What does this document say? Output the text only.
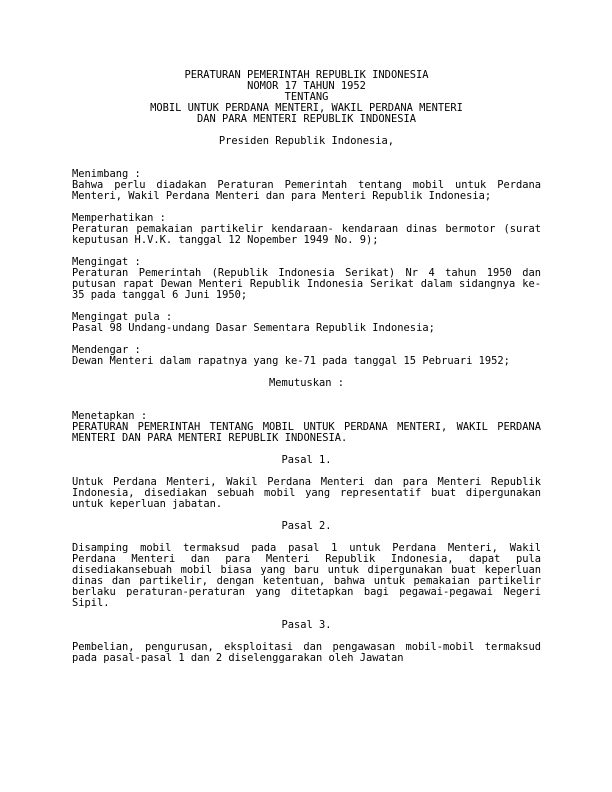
PERATURAN PEMERINTAH REPUBLIK INDONESIA
NOMOR 17 TAHUN 1952
TENTANG
MOBIL UNTUK PERDANA MENTERI, WAKIL PERDANA MENTERI
DAN PARA MENTERI REPUBLIK INDONESIA
Presiden Republik Indonesia,
Menimbang :
Bahwa perlu diadakan Peraturan Pemerintah tentang mobil untuk Perdana Menteri, Wakil Perdana Menteri dan para Menteri Republik Indonesia;
Memperhatikan :
Peraturan pemakaian partikelir kendaraan- kendaraan dinas bermotor (surat keputusan H.V.K. tanggal 12 Nopember 1949 No. 9);
Mengingat :
Peraturan Pemerintah (Republik Indonesia Serikat) Nr 4 tahun 1950 dan putusan rapat Dewan Menteri Republik Indonesia Serikat dalam sidangnya ke-35 pada tanggal 6 Juni 1950;
Mengingat pula :
Pasal 98 Undang-undang Dasar Sementara Republik Indonesia;
Mendengar :
Dewan Menteri dalam rapatnya yang ke-71 pada tanggal 15 Pebruari 1952;
Memutuskan :
Menetapkan :
PERATURAN PEMERINTAH TENTANG MOBIL UNTUK PERDANA MENTERI, WAKIL PERDANA MENTERI DAN PARA MENTERI REPUBLIK INDONESIA.
Pasal 1.
Untuk Perdana Menteri, Wakil Perdana Menteri dan para Menteri Republik Indonesia, disediakan sebuah mobil yang representatif buat dipergunakan untuk keperluan jabatan.
Pasal 2.
Disamping mobil termaksud pada pasal 1 untuk Perdana Menteri, Wakil Perdana Menteri dan para Menteri Republik Indonesia, dapat pula disediakansebuah mobil biasa yang baru untuk dipergunakan buat keperluan dinas dan partikelir, dengan ketentuan, bahwa untuk pemakaian partikelir berlaku peraturan-peraturan yang ditetapkan bagi pegawai-pegawai Negeri Sipil.
Pasal 3.
Pembelian, pengurusan, eksploitasi dan pengawasan mobil-mobil termaksud pada pasal-pasal 1 dan 2 diselenggarakan oleh Jawatan
